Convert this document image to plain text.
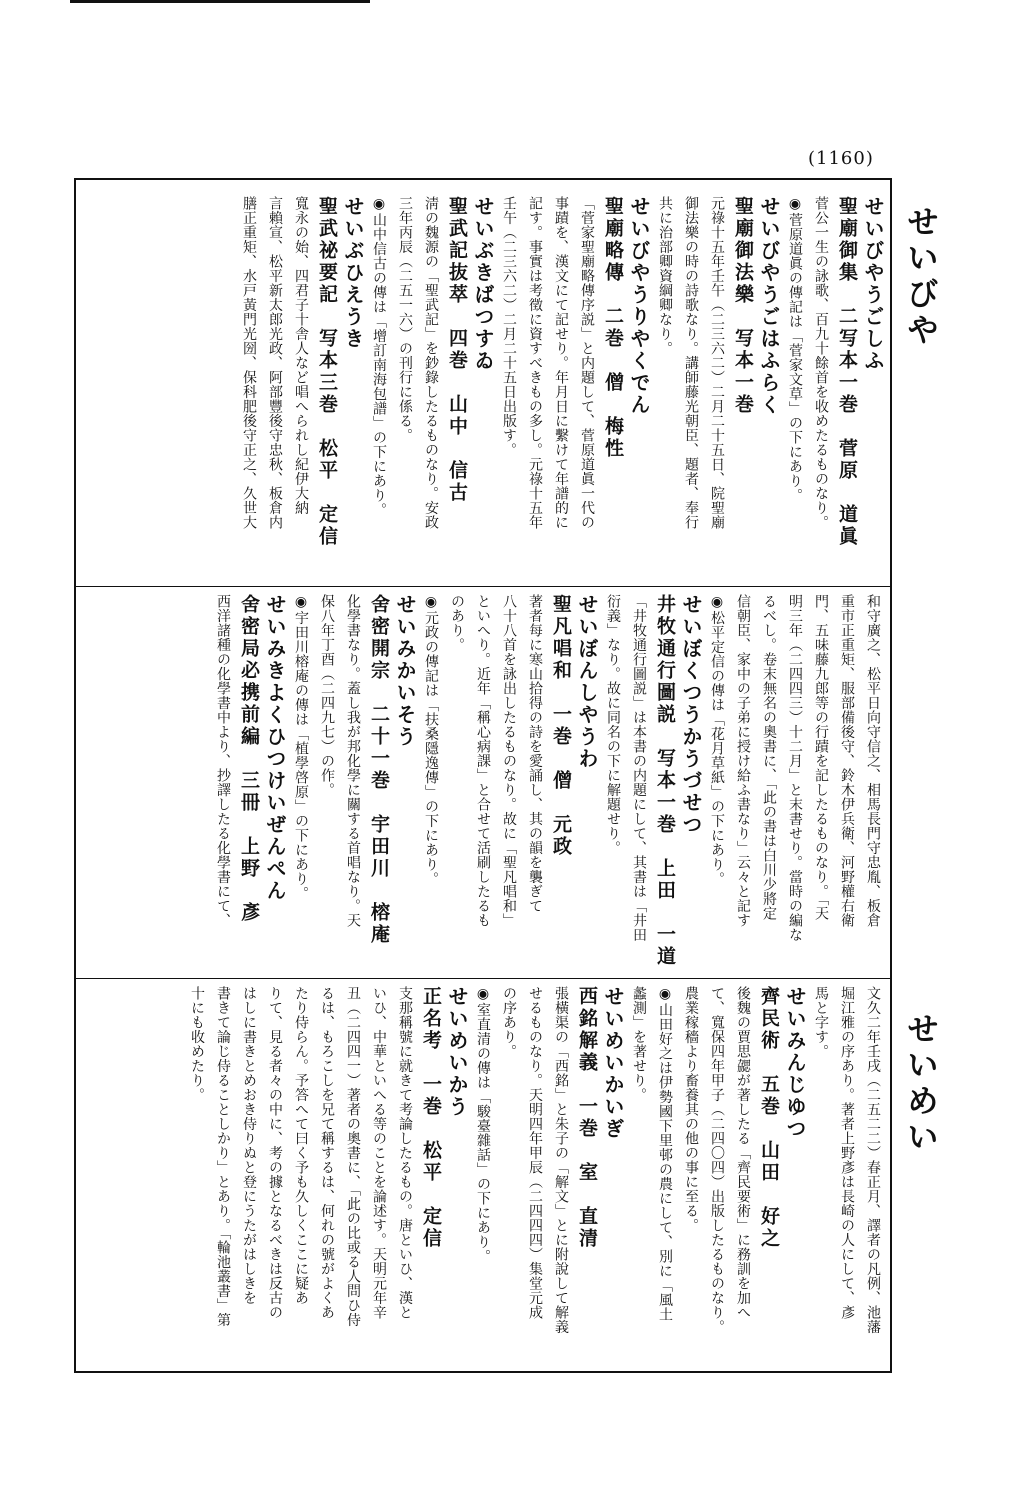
(1160)
せいびや
せいめい

せいびやうごしふ

聖廟御集　二写本一巻　菅原　道眞

菅公一生の詠歌、百九十餘首を收めたるものなり。

◉菅原道眞の傳記は「菅家文草」の下にあり。

せいびやうごはふらく

聖廟御法樂　写本一巻

元祿十五年壬午（二三六二）二月二十五日、院聖廟

御法樂の時の詩歌なり。講師藤光朝臣、題者、奉行

共に治部卿資綱卿なり。

せいびやうりやくでん

聖廟略傳　二巻　僧　梅性

「菅家聖廟略傳序説」と内題して、菅原道眞一代の

事蹟を、漢文にて記せり。年月日に繫けて年譜的に

記す。事實は考徵に資すべきもの多し。元祿十五年

壬午（二三六二）二月二十五日出版す。

せいぶきばつすゐ

聖武記抜萃　四巻　山中　信古

淸の魏源の「聖武記」を鈔錄したるものなり。安政

三年丙辰（二五一六）の刊行に係る。

◉山中信古の傳は「增訂南海包譜」の下にあり。

せいぶひえうき

聖武祕要記　写本三巻　松平　定信

寬永の始、四君子十舎人など唱へられし紀伊大納

言賴宣、松平新太郎光政、阿部豐後守忠秋、板倉内

膳正重矩、水戸黃門光圀、保科肥後守正之、久世大

和守廣之、松平日向守信之、相馬長門守忠胤、板倉

重市正重矩、服部備後守、鈴木伊兵衛、河野權右衛

門、五味藤九郎等の行蹟を記したるものなり。「天

明三年（二四四三）十二月」と末書せり。當時の編な

るべし。卷末無名の奧書に、「此の書は白川少將定

信朝臣、家中の子弟に授け給ふ書なり」云々と記す

◉松平定信の傳は「花月草紙」の下にあり。

せいぼくつうかうづせつ

井牧通行圖説　写本一巻　上田　一道

「井牧通行圖説」は本書の内題にして、其書は「井田

衍義」なり。故に同名の下に解題せり。

せいぼんしやうわ

聖凡唱和　一巻　僧　元政

著者每に寒山拾得の詩を愛誦し、其の韻を襲ぎて

八十八首を詠出したるものなり。故に「聖凡唱和」

といへり。近年「稱心病課」と合せて活刷したるも

のあり。

◉元政の傳記は「扶桑隱逸傳」の下にあり。

せいみかいそう

舍密開宗　二十一巻　宇田川　榕庵

化學書なり。蓋し我が邦化學に關する首唱なり。天

保八年丁酉（二四九七）の作。

◉宇田川榕庵の傳は「植學啓原」の下にあり。

せいみきよくひつけいぜんぺん

舍密局必携前編　三冊　上野　彥

西洋諸種の化學書中より、抄譯したる化學書にて、

文久二年壬戌（二五二二）春正月、譯者の凡例、池藩

堀江雅の序あり。著者上野彥は長崎の人にして、彥

馬と字す。

せいみんじゆつ

齊民術　五巻　山田　好之

後魏の賈思勰が著したる「齊民要術」に務訓を加へ

て、寬保四年甲子（二四〇四）出版したるものなり。

農業稼穡より畜養其の他の事に至る。

◉山田好之は伊勢國下里邨の農にして、別に「風土

蠡測」を著せり。

せいめいかいぎ

西銘解義　一巻　室　直清

張橫渠の「西銘」と朱子の「解文」とに附說して解義

せるものなり。天明四年甲辰（二四四四）集堂元成

の序あり。

◉室直清の傳は「駿臺雜話」の下にあり。

せいめいかう

正名考　一巻　松平　定信

支那稱號に就きて考論したるもの。唐といひ、漢と

いひ、中華といへる等のことを論述す。天明元年辛

丑（二四四一）著者の奧書に、「此の比或る人問ひ侍

るは、もろこしを兄て稱するは、何れの號がよくあ

たり侍らん。予答へて曰く予も久しくここに疑あ

りて、見る者々の中に、考の據となるべきは反古の

はしに書きとめおき侍りぬと登にうたがはしきを

書きて論じ侍ることしかり」とあり。「輪池叢書」第

十にも收めたり。
